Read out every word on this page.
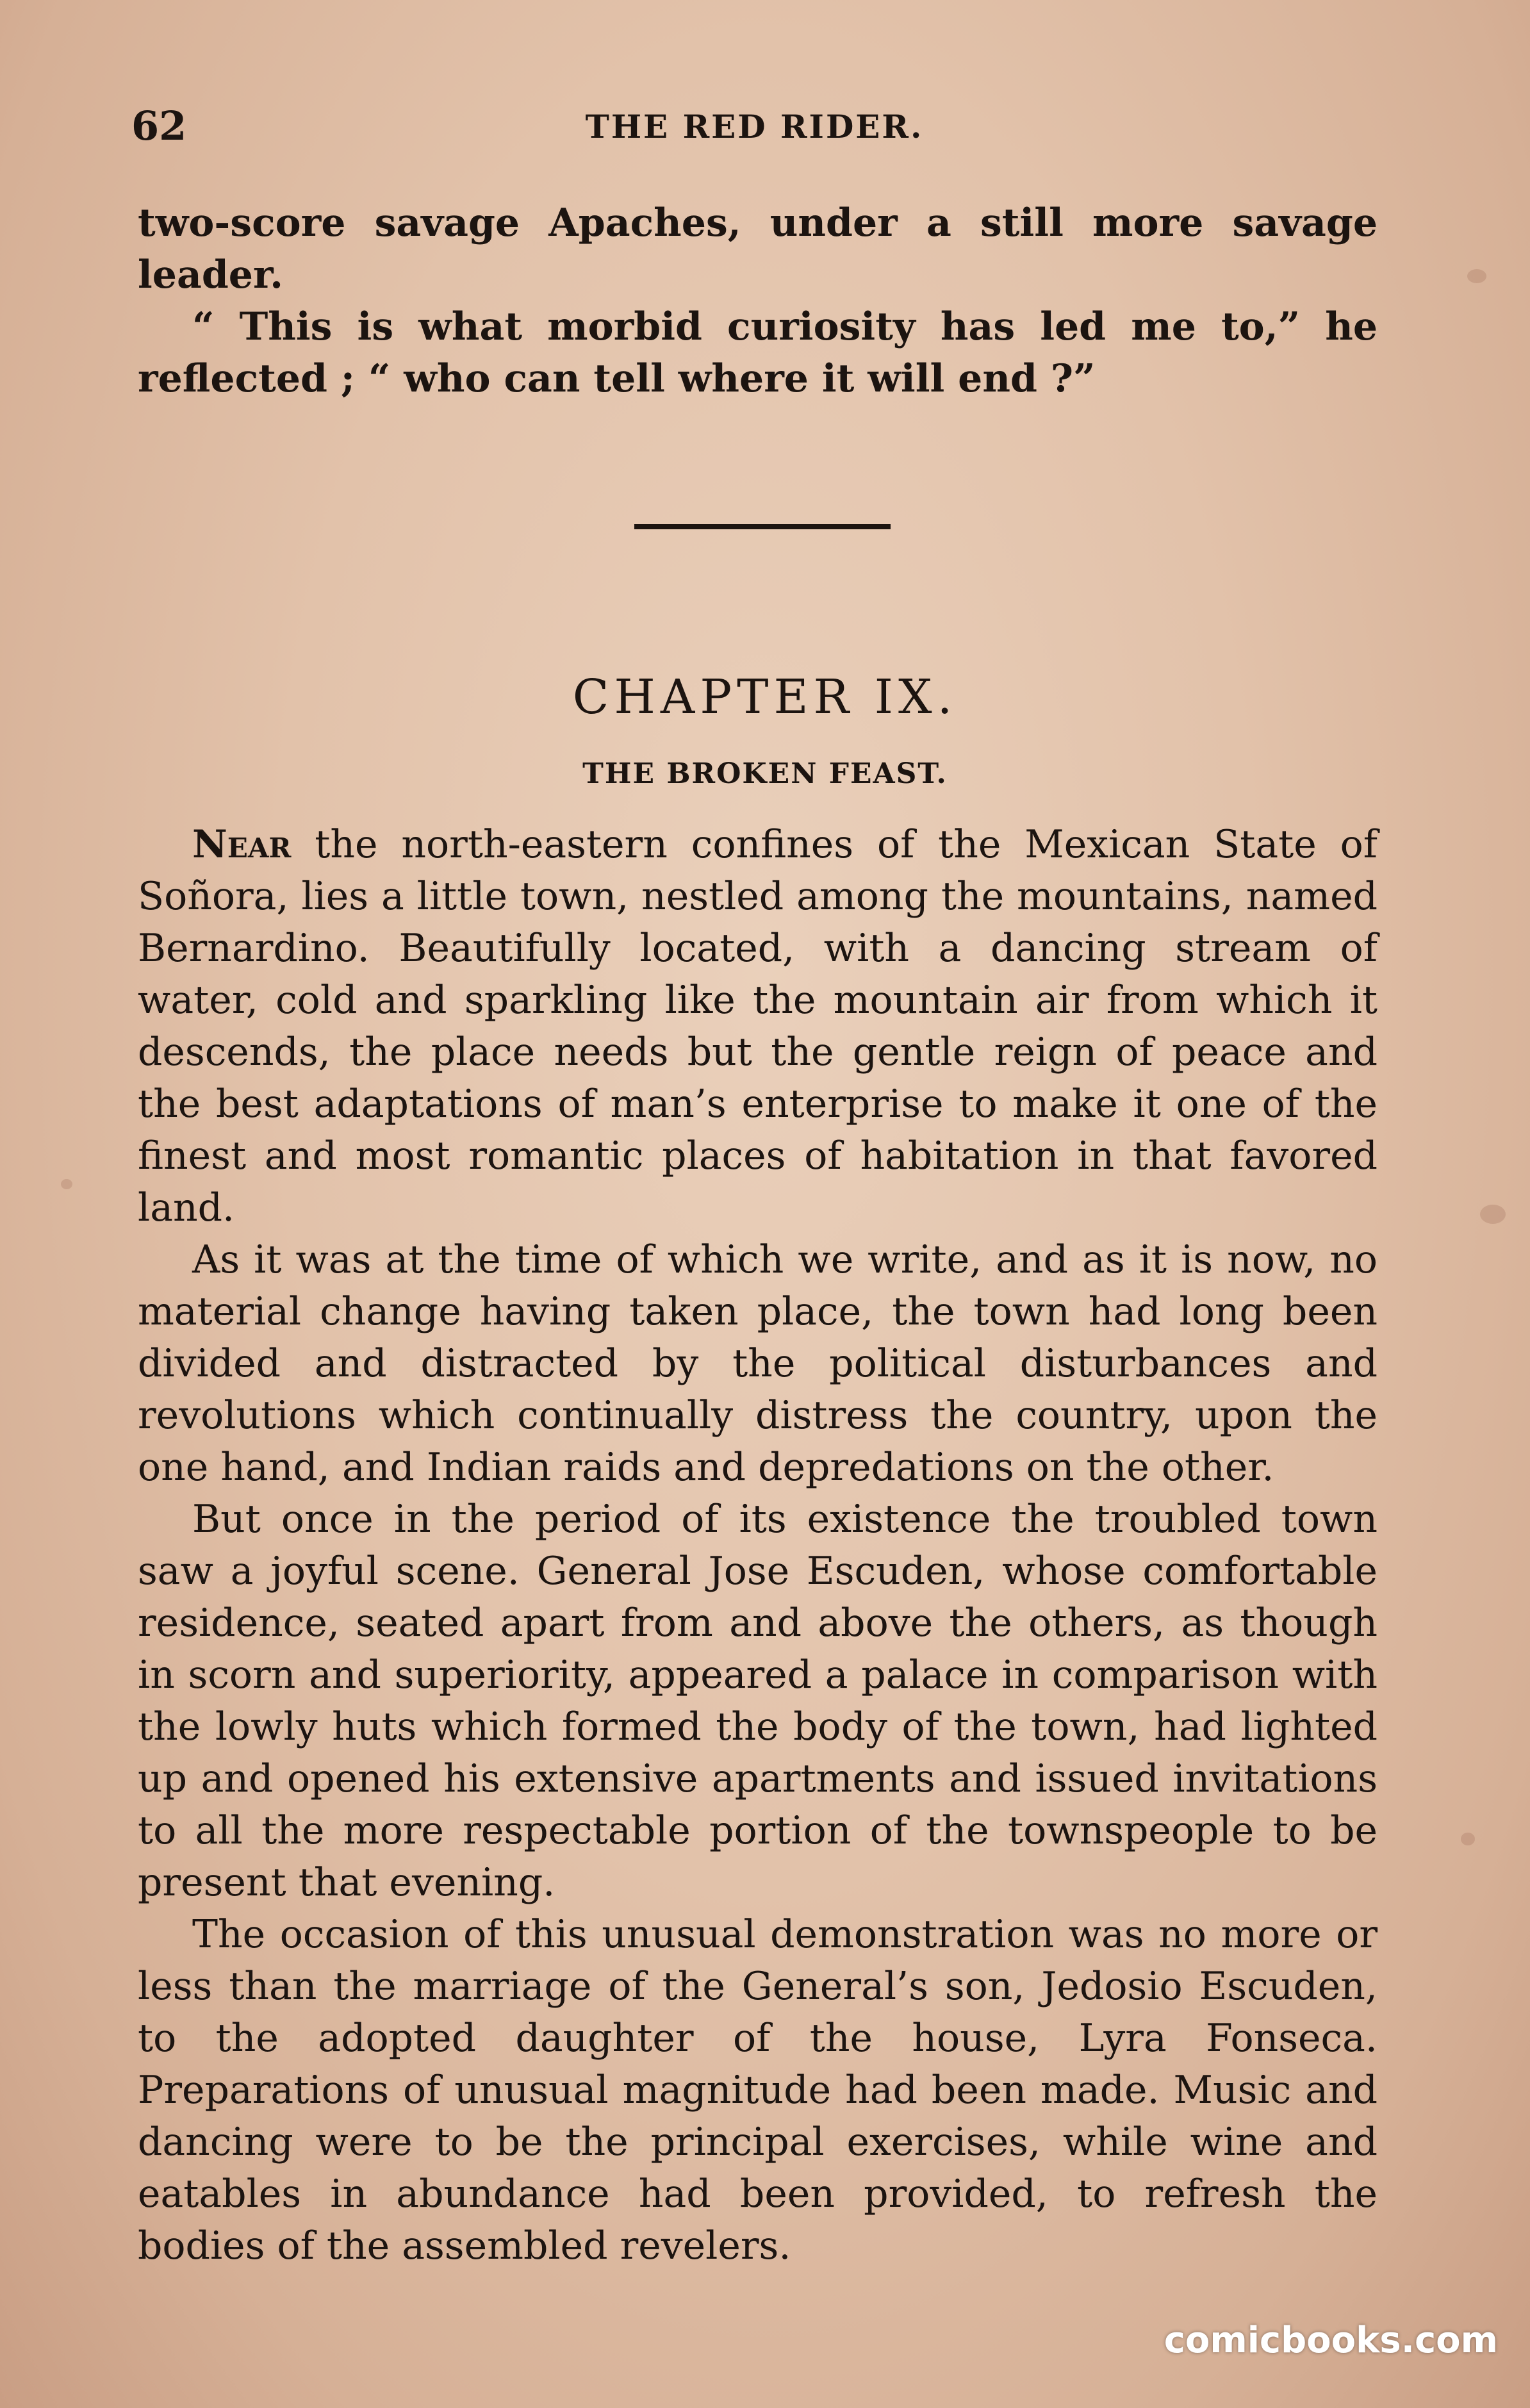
62	THE RED RIDER.

two-score savage Apaches, under a still more savage leader.

“ This is what morbid curiosity has led me to,” he reflected ; “ who can tell where it will end ?”

CHAPTER IX.
THE BROKEN FEAST.

Near the north-eastern confines of the Mexican State of Soñora, lies a little town, nestled among the mountains, named Bernardino. Beautifully located, with a dancing stream of water, cold and sparkling like the mountain air from which it descends, the place needs but the gentle reign of peace and the best adaptations of man’s enterprise to make it one of the finest and most romantic places of habitation in that favored land.

As it was at the time of which we write, and as it is now, no material change having taken place, the town had long been divided and distracted by the political disturbances and revolutions which continually distress the country, upon the one hand, and Indian raids and depredations on the other.

But once in the period of its existence the troubled town saw a joyful scene. General Jose Escuden, whose comfortable residence, seated apart from and above the others, as though in scorn and superiority, appeared a palace in comparison with the lowly huts which formed the body of the town, had lighted up and opened his extensive apartments and issued invitations to all the more respectable portion of the townspeople to be present that evening.

The occasion of this unusual demonstration was no more or less than the marriage of the General’s son, Jedosio Escuden, to the adopted daughter of the house, Lyra Fonseca. Preparations of unusual magnitude had been made. Music and dancing were to be the principal exercises, while wine and eatables in abundance had been provided, to refresh the bodies of the assembled revelers.

comicbooks.com
